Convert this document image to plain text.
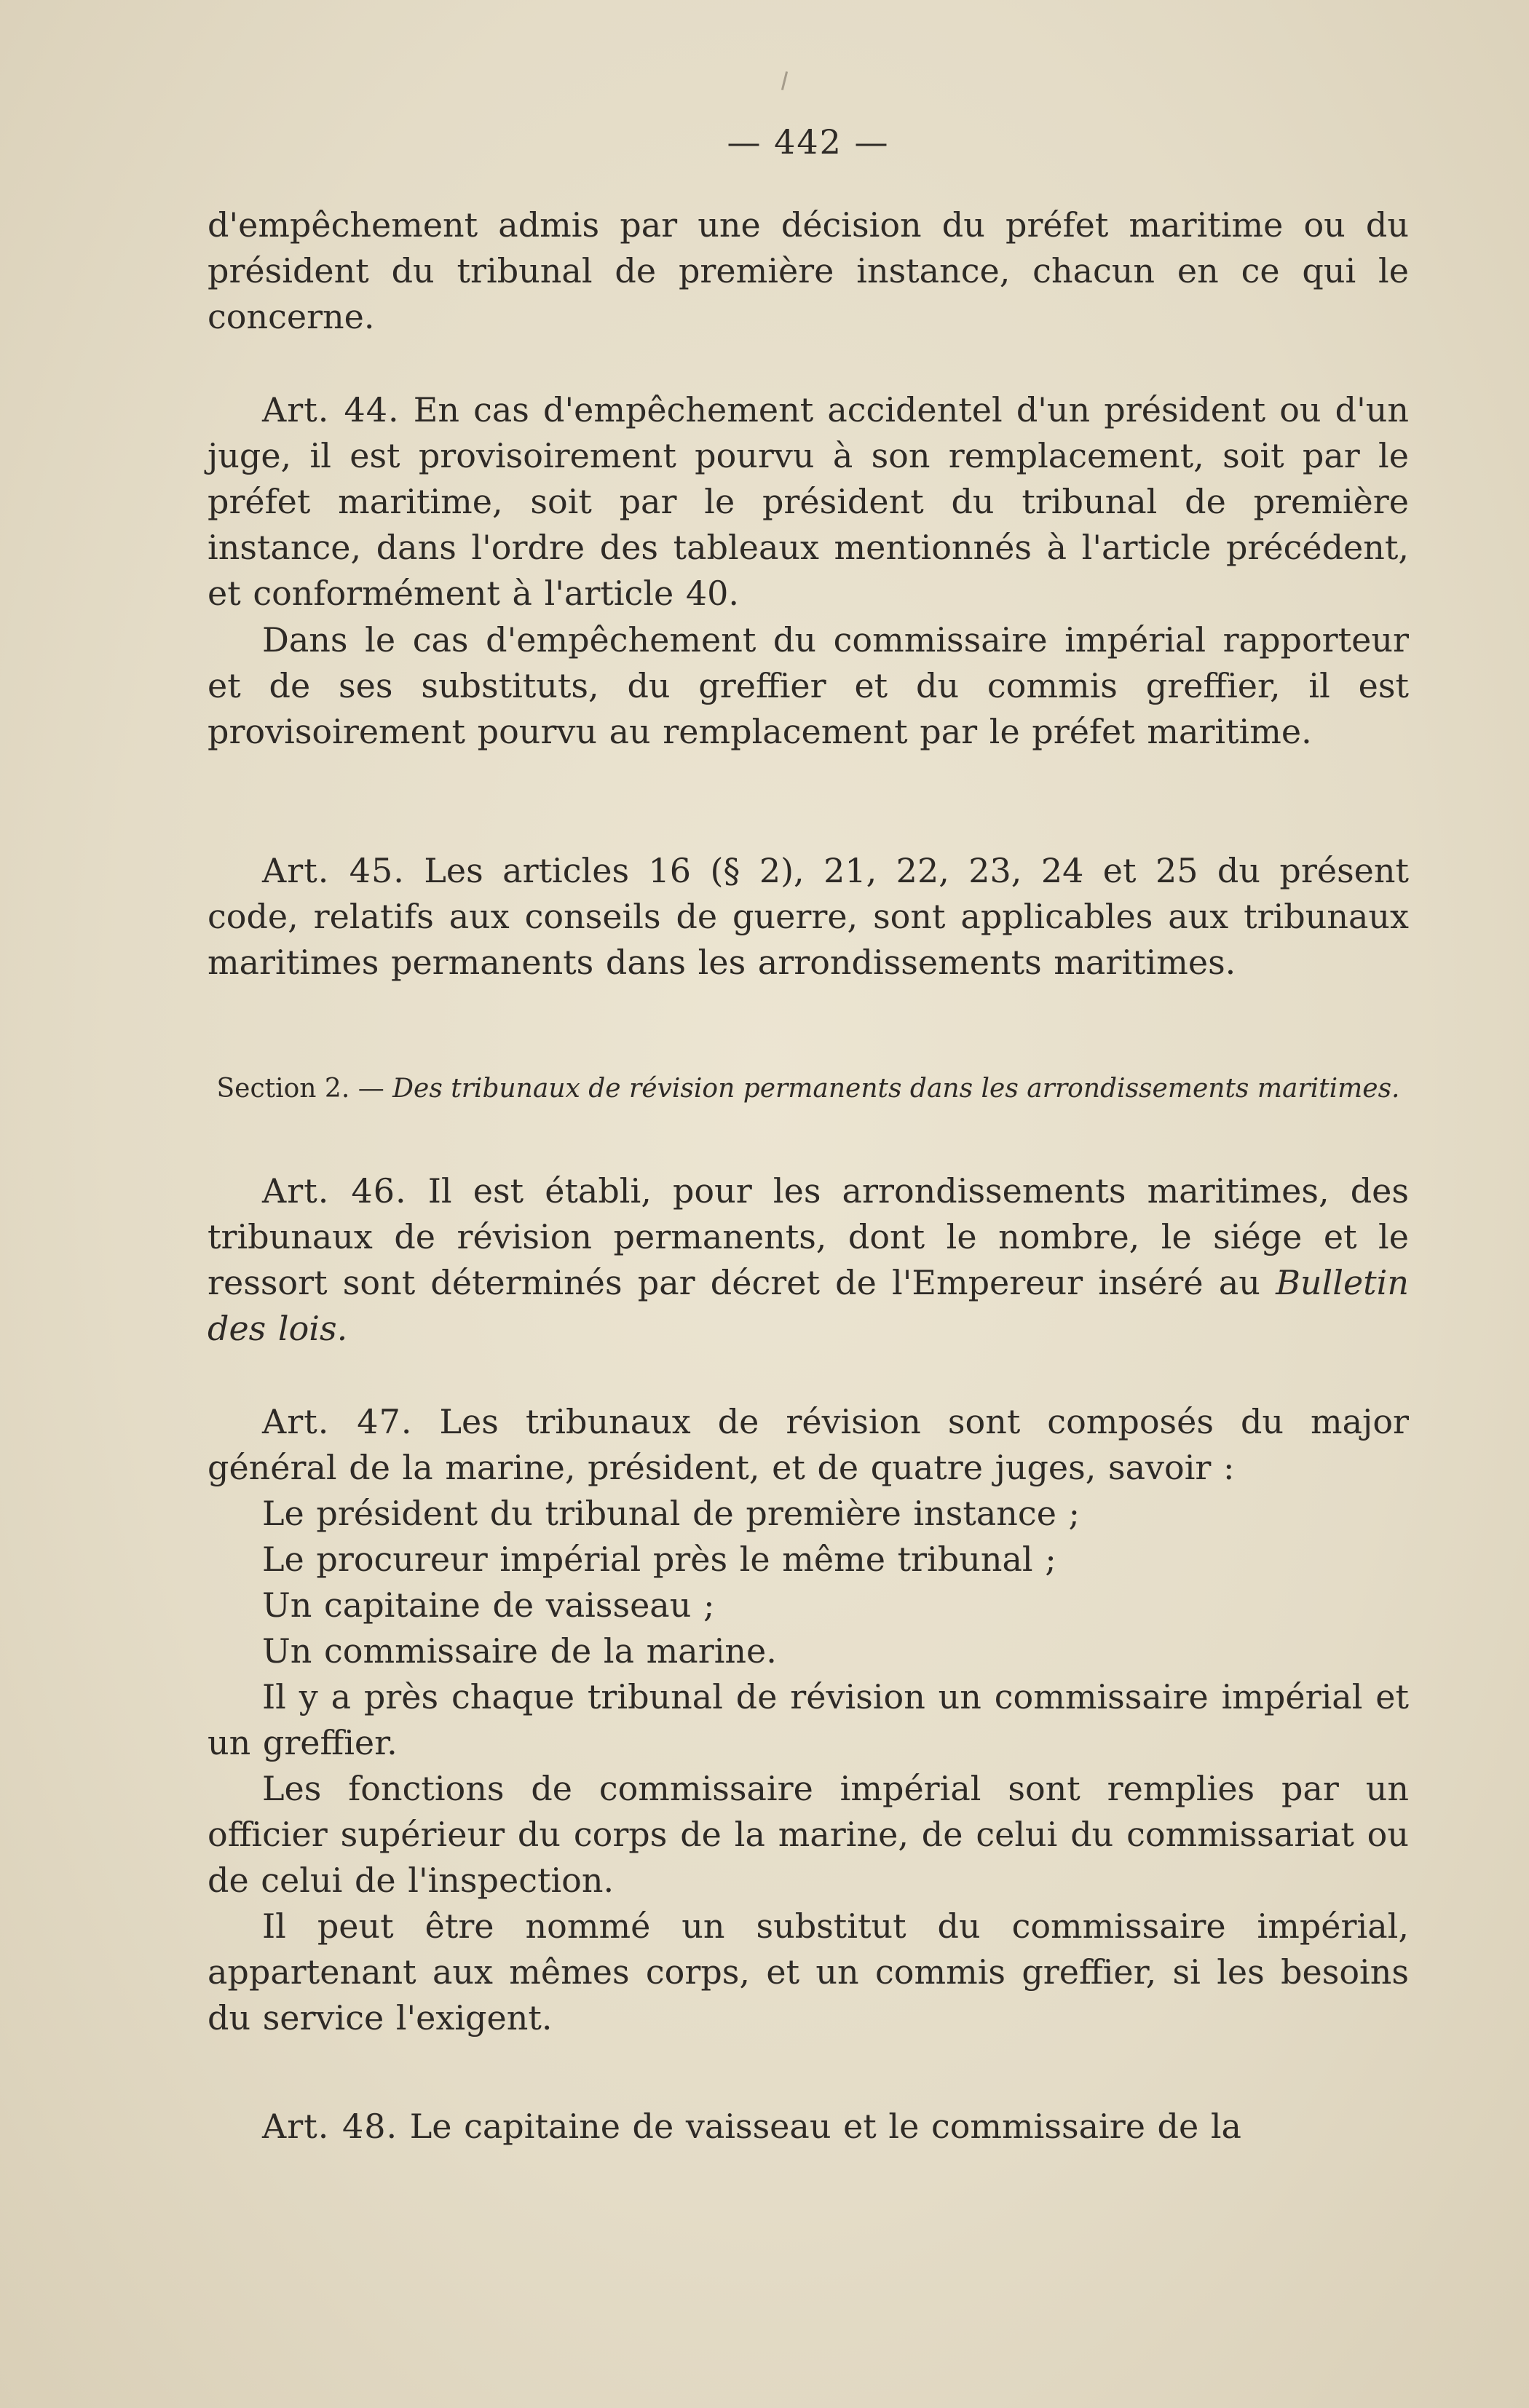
— 442 —
d'empêchement admis par une décision du préfet maritime ou du président du tribunal de première instance, chacun en ce qui le concerne.
Art. 44. En cas d'empêchement accidentel d'un président ou d'un juge, il est provisoirement pourvu à son remplacement, soit par le préfet maritime, soit par le président du tribunal de première instance, dans l'ordre des tableaux mentionnés à l'article précédent, et conformément à l'article 40.
Dans le cas d'empêchement du commissaire impérial rapporteur et de ses substituts, du greffier et du commis greffier, il est provisoirement pourvu au remplacement par le préfet maritime.
Art. 45. Les articles 16 (§ 2), 21, 22, 23, 24 et 25 du présent code, relatifs aux conseils de guerre, sont applicables aux tribunaux maritimes permanents dans les arrondissements maritimes.
Section 2. — Des tribunaux de révision permanents dans les arrondissements maritimes.
Art. 46. Il est établi, pour les arrondissements maritimes, des tribunaux de révision permanents, dont le nombre, le siége et le ressort sont déterminés par décret de l'Empereur inséré au Bulletin des lois.
Art. 47. Les tribunaux de révision sont composés du major général de la marine, président, et de quatre juges, savoir :
Le président du tribunal de première instance ;
Le procureur impérial près le même tribunal ;
Un capitaine de vaisseau ;
Un commissaire de la marine.
Il y a près chaque tribunal de révision un commissaire impérial et un greffier.
Les fonctions de commissaire impérial sont remplies par un officier supérieur du corps de la marine, de celui du commissariat ou de celui de l'inspection.
Il peut être nommé un substitut du commissaire impérial, appartenant aux mêmes corps, et un commis greffier, si les besoins du service l'exigent.
Art. 48. Le capitaine de vaisseau et le commissaire de la
